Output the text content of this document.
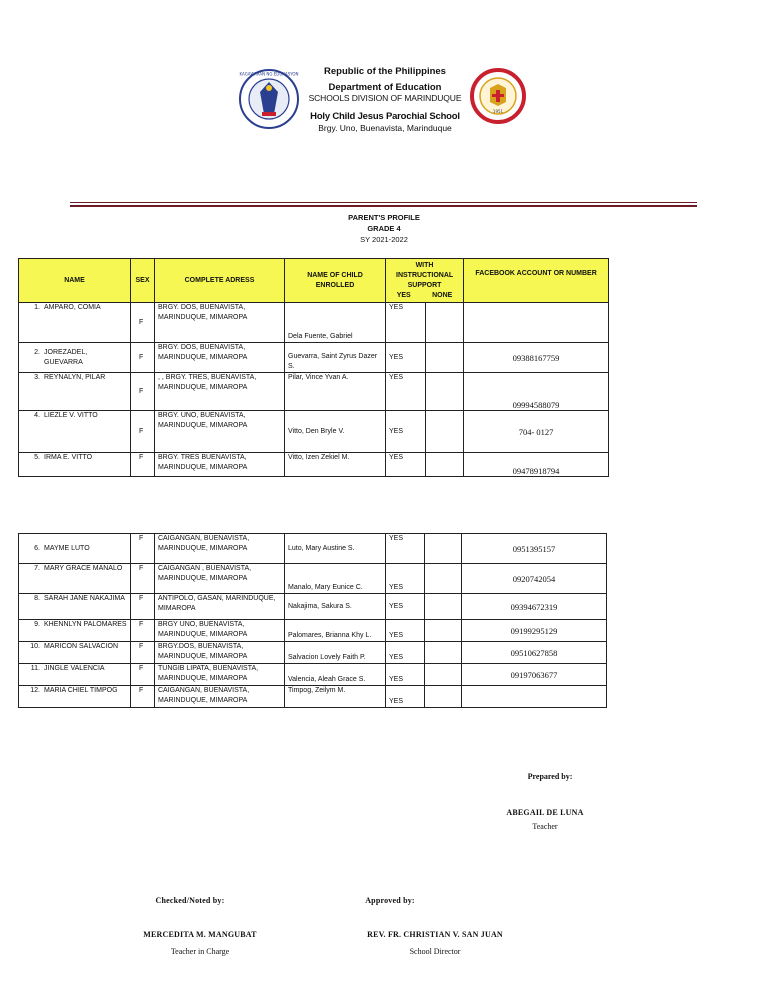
KAGAWARAN NG EDUKASYON	Republic of the Philippines
Department of Education
SCHOOLS DIVISION OF MARINDUQUE
Holy Child Jesus Parochial School
Brgy. Uno, Buenavista, Marinduque
1951
PARENT'S PROFILE
GRADE 4
SY 2021-2022
NAME	SEX	COMPLETE ADRESS	NAME OF CHILD ENROLLED	WITH INSTRUCTIONAL SUPPORT
YES NONE		FACEBOOK ACCOUNT OR NUMBER

1. AMPARO, COMIA	F	BRGY. DOS, BUENAVISTA, MARINDUQUE, MIMAROPA	Dela Fuente, Gabriel	YES		

2. JOREZADEL, GUEVARRA	F	BRGY. DOS, BUENAVISTA, MARINDUQUE, MIMAROPA	Guevarra, Saint Zyrus Dazer S.	YES		09388167759

3. REYNALYN, PILAR	F	, , BRGY. TRES, BUENAVISTA, MARINDUQUE, MIMAROPA	Pilar, Vince Yvan A.	YES		09994588079

4. LIEZLE V. VITTO	F	BRGY. UNO, BUENAVISTA, MARINDUQUE, MIMAROPA	Vitto, Den Bryle V.	YES		704- 0127

5. IRMA E. VITTO	F	BRGY. TRES BUENAVISTA, MARINDUQUE, MIMAROPA	Vitto, Izen Zekiel M.	YES		09478918794
6. MAYME LUTO	F	CAIGANGAN, BUENAVISTA, MARINDUQUE, MIMAROPA	Luto, Mary Austine S.	YES		0951395157

7. MARY GRACE MANALO	F	CAIGANGAN , BUENAVISTA, MARINDUQUE, MIMAROPA	Manalo, Mary Eunice C.	YES		0920742054

8. SARAH JANE NAKAJIMA	F	ANTIPOLO, GASAN, MARINDUQUE, MIMAROPA	Nakajima, Sakura S.	YES		09394672319

9. KHENNLYN PALOMARES	F	BRGY UNO, BUENAVISTA, MARINDUQUE, MIMAROPA	Palomares, Brianna Khy L.	YES		09199295129

10. MARICON SALVACION	F	BRGY.DOS, BUENAVISTA, MARINDUQUE, MIMAROPA	Salvacion Lovely Faith P.	YES		09510627858

11. JINGLE VALENCIA	F	TUNGIB LIPATA, BUENAVISTA, MARINDUQUE, MIMAROPA	Valencia, Aleah Grace S.	YES		09197063677

12. MARIA CHIEL TIMPOG	F	CAIGANGAN, BUENAVISTA, MARINDUQUE, MIMAROPA	Timpog, Zeilym M.	YES		
Prepared by:
ABEGAIL DE LUNA
Teacher
Checked/Noted by:	Approved by:
MERCEDITA M. MANGUBAT
Teacher in Charge
REV. FR. CHRISTIAN V. SAN JUAN
School Director
